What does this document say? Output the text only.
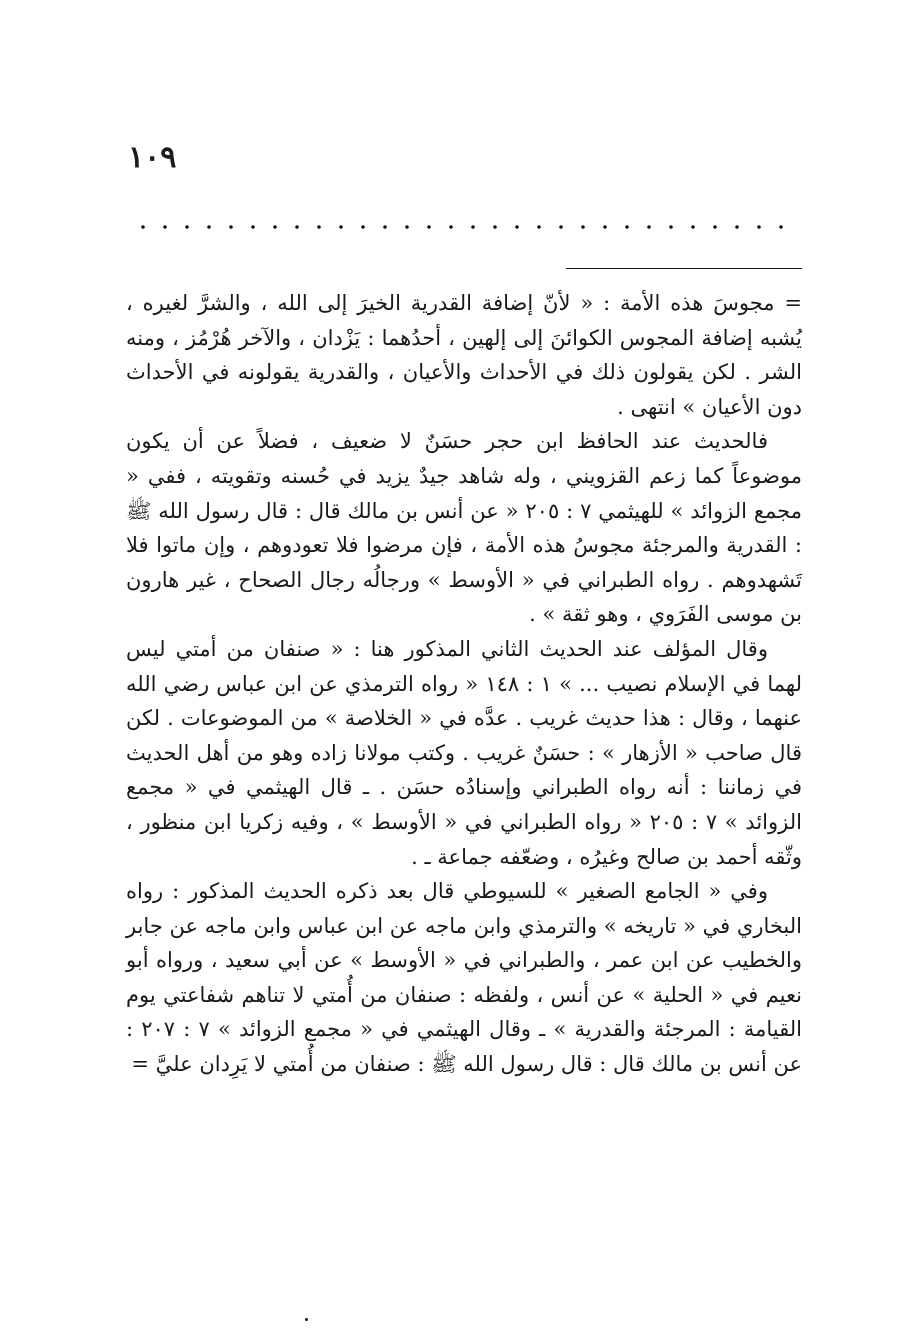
١٠٩

= مجوسَ هذه الأمة : « لأنّ إضافة القدرية الخيرَ إلى الله ، والشرَّ لغيره ، يُشبه إضافة المجوس الكوائنَ إلى إلهين ، أحدُهما : يَزْدان ، والآخر هُرْمُز ، ومنه الشر . لكن يقولون ذلك في الأحداث والأعيان ، والقدرية يقولونه في الأحداث دون الأعيان » انتهى .

فالحديث عند الحافظ ابن حجر حسَنٌ لا ضعيف ، فضلاً عن أن يكون موضوعاً كما زعم القزويني ، وله شاهد جيدٌ يزيد في حُسنه وتقويته ، ففي « مجمع الزوائد » للهيثمي ٧ : ٢٠٥ « عن أنس بن مالك قال : قال رسول الله ﷺ : القدرية والمرجئة مجوسُ هذه الأمة ، فإن مرضوا فلا تعودوهم ، وإن ماتوا فلا تَشهدوهم . رواه الطبراني في « الأوسط » ورجالُه رجال الصحاح ، غير هارون بن موسى الفَرَوي ، وهو ثقة » .

وقال المؤلف عند الحديث الثاني المذكور هنا : « صنفان من أمتي ليس لهما في الإسلام نصيب ... » ١ : ١٤٨ « رواه الترمذي عن ابن عباس رضي الله عنهما ، وقال : هذا حديث غريب . عدَّه في « الخلاصة » من الموضوعات . لكن قال صاحب « الأزهار » : حسَنٌ غريب . وكتب مولانا زاده وهو من أهل الحديث في زماننا : أنه رواه الطبراني وإسنادُه حسَن . ـ قال الهيثمي في « مجمع الزوائد » ٧ : ٢٠٥ « رواه الطبراني في « الأوسط » ، وفيه زكريا ابن منظور ، وثّقه أحمد بن صالح وغيرُه ، وضعّفه جماعة ـ .

وفي « الجامع الصغير » للسيوطي قال بعد ذكره الحديث المذكور : رواه البخاري في « تاريخه » والترمذي وابن ماجه عن ابن عباس وابن ماجه عن جابر والخطيب عن ابن عمر ، والطبراني في « الأوسط » عن أبي سعيد ، ورواه أبو نعيم في « الحلية » عن أنس ، ولفظه : صنفان من أُمتي لا تناهم شفاعتي يوم القيامة : المرجئة والقدرية » ـ وقال الهيثمي في « مجمع الزوائد » ٧ : ٢٠٧ : عن أنس بن مالك قال : قال رسول الله ﷺ : صنفان من أُمتي لا يَرِدان عليَّ =
